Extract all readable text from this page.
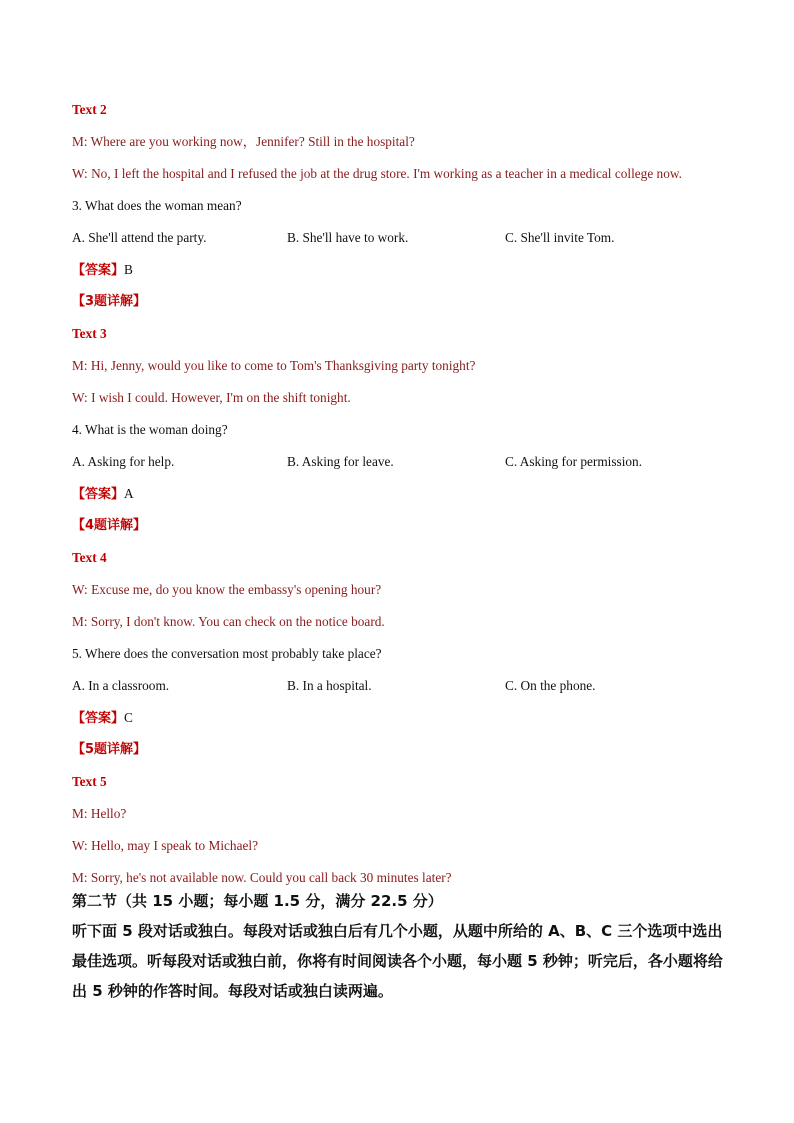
Text 2
M: Where are you working now，Jennifer? Still in the hospital?
W: No, I left the hospital and I refused the job at the drug store. I'm working as a teacher in a medical college now.
3. What does the woman mean?
A. She'll attend the party.	B. She'll have to work.	C. She'll invite Tom.
【答案】B
【3题详解】
Text 3
M: Hi, Jenny, would you like to come to Tom's Thanksgiving party tonight?
W: I wish I could. However, I'm on the shift tonight.
4. What is the woman doing?
A. Asking for help.	B. Asking for leave.	C. Asking for permission.
【答案】A
【4题详解】
Text 4
W: Excuse me, do you know the embassy's opening hour?
M: Sorry, I don't know. You can check on the notice board.
5. Where does the conversation most probably take place?
A. In a classroom.	B. In a hospital.	C. On the phone.
【答案】C
【5题详解】
Text 5
M: Hello?
W: Hello, may I speak to Michael?
M: Sorry, he's not available now. Could you call back 30 minutes later?
第二节（共 15 小题；每小题 1.5 分，满分 22.5 分）
听下面 5 段对话或独白。每段对话或独白后有几个小题，从题中所给的 A、B、C 三个选项中选出最佳选项。听每段对话或独白前，你将有时间阅读各个小题，每小题 5 秒钟；听完后，各小题将给出 5 秒钟的作答时间。每段对话或独白读两遍。
